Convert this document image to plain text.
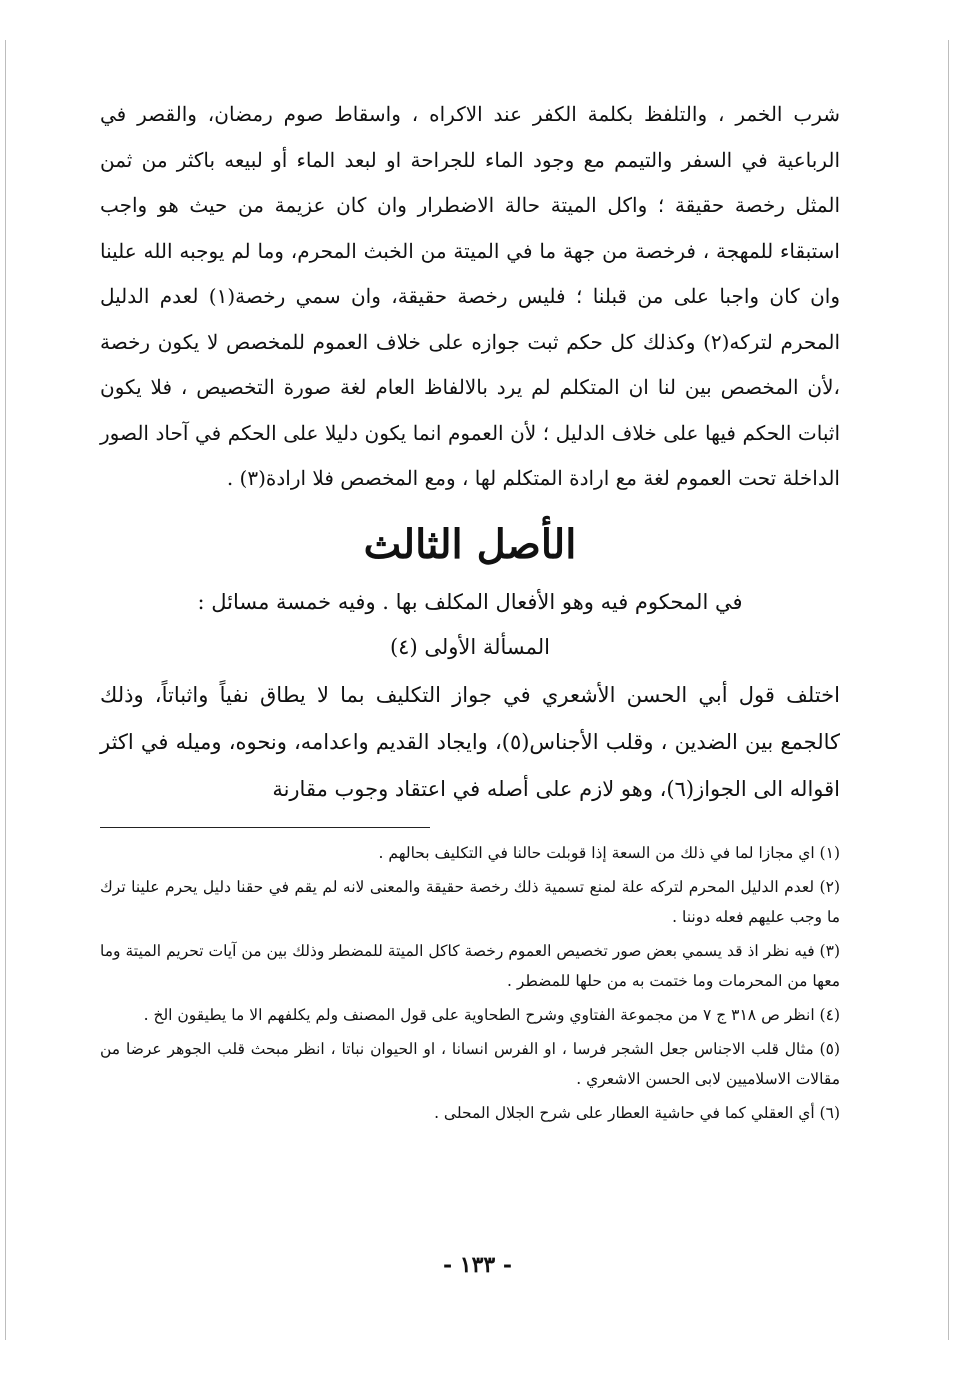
شرب الخمر ، والتلفظ بكلمة الكفر عند الاكراه ، واسقاط صوم رمضان، والقصر في الرباعية في السفر والتيمم مع وجود الماء للجراحة او لبعد الماء أو لبيعه باكثر من ثمن المثل رخصة حقيقة ؛ واكل الميتة حالة الاضطرار وان كان عزيمة من حيث هو واجب استبقاء للمهجة ، فرخصة من جهة ما في الميتة من الخبث المحرم، وما لم يوجبه الله علينا وان كان واجبا على من قبلنا ؛ فليس رخصة حقيقة، وان سمي رخصة(١) لعدم الدليل المحرم لتركه(٢) وكذلك كل حكم ثبت جوازه على خلاف العموم للمخصص لا يكون رخصة ،لأن المخصص بين لنا ان المتكلم لم يرد بالالفاظ العام لغة صورة التخصيص ، فلا يكون اثبات الحكم فيها على خلاف الدليل ؛ لأن العموم انما يكون دليلا على الحكم في آحاد الصور الداخلة تحت العموم لغة مع ارادة المتكلم لها ، ومع المخصص فلا ارادة(٣) .

الأصل الثالث

في المحكوم فيه وهو الأفعال المكلف بها . وفيه خمسة مسائل :

المسألة الأولى (٤)

اختلف قول أبي الحسن الأشعري في جواز التكليف بما لا يطاق نفياً واثباتاً، وذلك كالجمع بين الضدين ، وقلب الأجناس(٥)، وايجاد القديم واعدامه، ونحوه، وميله في اكثر اقواله الى الجواز(٦)، وهو لازم على أصله في اعتقاد وجوب مقارنة

(١) اي مجازا لما في ذلك من السعة إذا قوبلت حالنا في التكليف بحالهم .

(٢) لعدم الدليل المحرم لتركه علة لمنع تسمية ذلك رخصة حقيقة والمعنى لانه لم يقم في حقنا دليل يحرم علينا ترك ما وجب عليهم فعله دوننا .

(٣) فيه نظر اذ قد يسمي بعض صور تخصيص العموم رخصة كاكل الميتة للمضطر وذلك بين من آيات تحريم الميتة وما معها من المحرمات وما ختمت به من حلها للمضطر .

(٤) انظر ص ٣١٨ ج ٧ من مجموعة الفتاوي وشرح الطحاوية على قول المصنف ولم يكلفهم الا ما يطيقون الخ .

(٥) مثال قلب الاجناس جعل الشجر فرسا ، او الفرس انسانا ، او الحيوان نباتا ، انظر مبحث قلب الجوهر عرضا من مقالات الاسلاميين لابى الحسن الاشعري .

(٦) أي العقلي كما في حاشية العطار على شرح الجلال المحلى .

- ١٣٣ -
